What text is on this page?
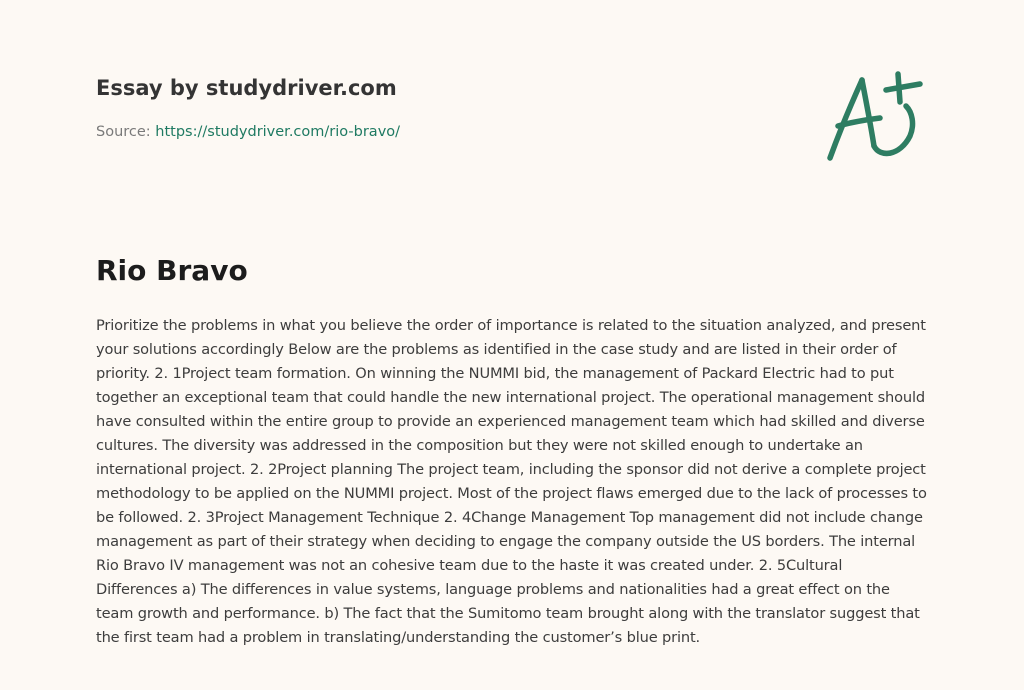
Essay by studydriver.com
Source: https://studydriver.com/rio-bravo/
Rio Bravo

Prioritize the problems in what you believe the order of importance is related to the situation analyzed, and present your solutions accordingly Below are the problems as identified in the case study and are listed in their order of priority. 2. 1Project team formation. On winning the NUMMI bid, the management of Packard Electric had to put together an exceptional team that could handle the new international project. The operational management should have consulted within the entire group to provide an experienced management team which had skilled and diverse cultures. The diversity was addressed in the composition but they were not skilled enough to undertake an international project. 2. 2Project planning The project team, including the sponsor did not derive a complete project methodology to be applied on the NUMMI project. Most of the project flaws emerged due to the lack of processes to be followed. 2. 3Project Management Technique 2. 4Change Management Top management did not include change management as part of their strategy when deciding to engage the company outside the US borders. The internal Rio Bravo IV management was not an cohesive team due to the haste it was created under. 2. 5Cultural Differences a) The differences in value systems, language problems and nationalities had a great effect on the team growth and performance. b) The fact that the Sumitomo team brought along with the translator suggest that the first team had a problem in translating/understanding the customer’s blue print.
